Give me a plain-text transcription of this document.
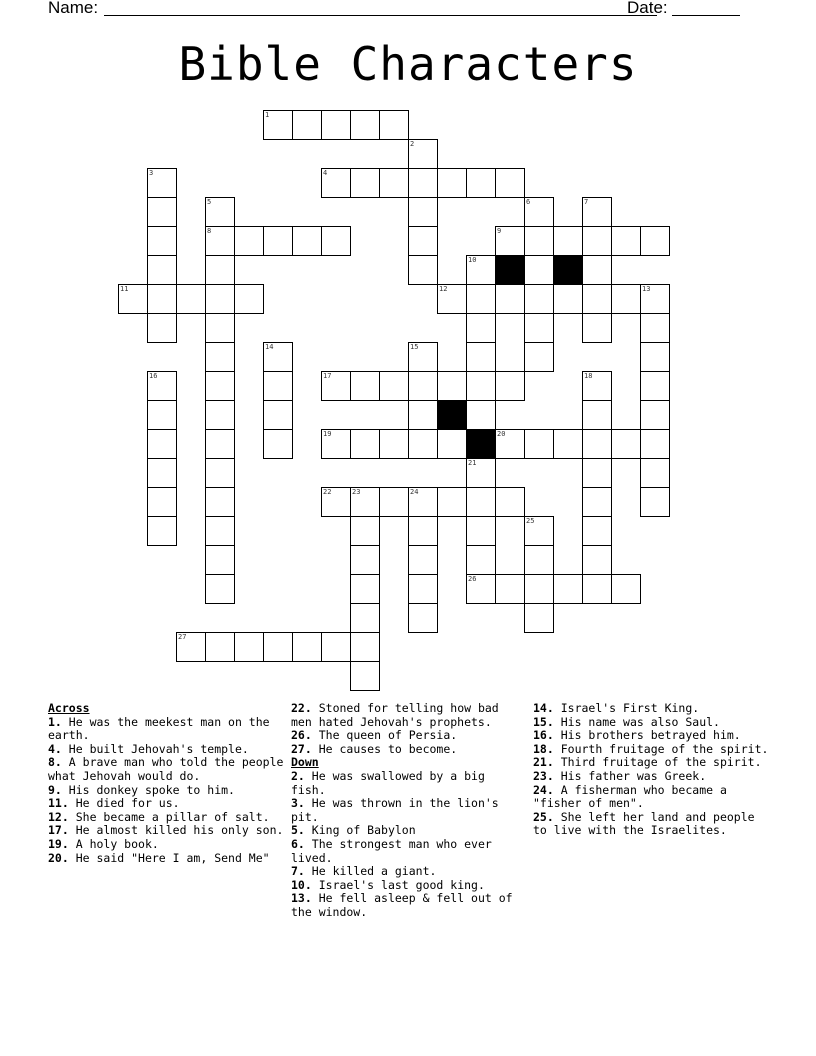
Name:	Date:
Bible Characters
1
2
3	4
5	6	7
8	9
10
11	12	13
14	15
16	17	18
19	20
21
22	23	24
25
26
27
Across
1. He was the meekest man on the earth.
4. He built Jehovah's temple.
8. A brave man who told the people what Jehovah would do.
9. His donkey spoke to him.
11. He died for us.
12. She became a pillar of salt.
17. He almost killed his only son.
19. A holy book.
20. He said "Here I am, Send Me"
22. Stoned for telling how bad men hated Jehovah's prophets.
26. The queen of Persia.
27. He causes to become.
Down
2. He was swallowed by a big fish.
3. He was thrown in the lion's pit.
5. King of Babylon
6. The strongest man who ever lived.
7. He killed a giant.
10. Israel's last good king.
13. He fell asleep & fell out of the window.
14. Israel's First King.
15. His name was also Saul.
16. His brothers betrayed him.
18. Fourth fruitage of the spirit.
21. Third fruitage of the spirit.
23. His father was Greek.
24. A fisherman who became a "fisher of men".
25. She left her land and people to live with the Israelites.
